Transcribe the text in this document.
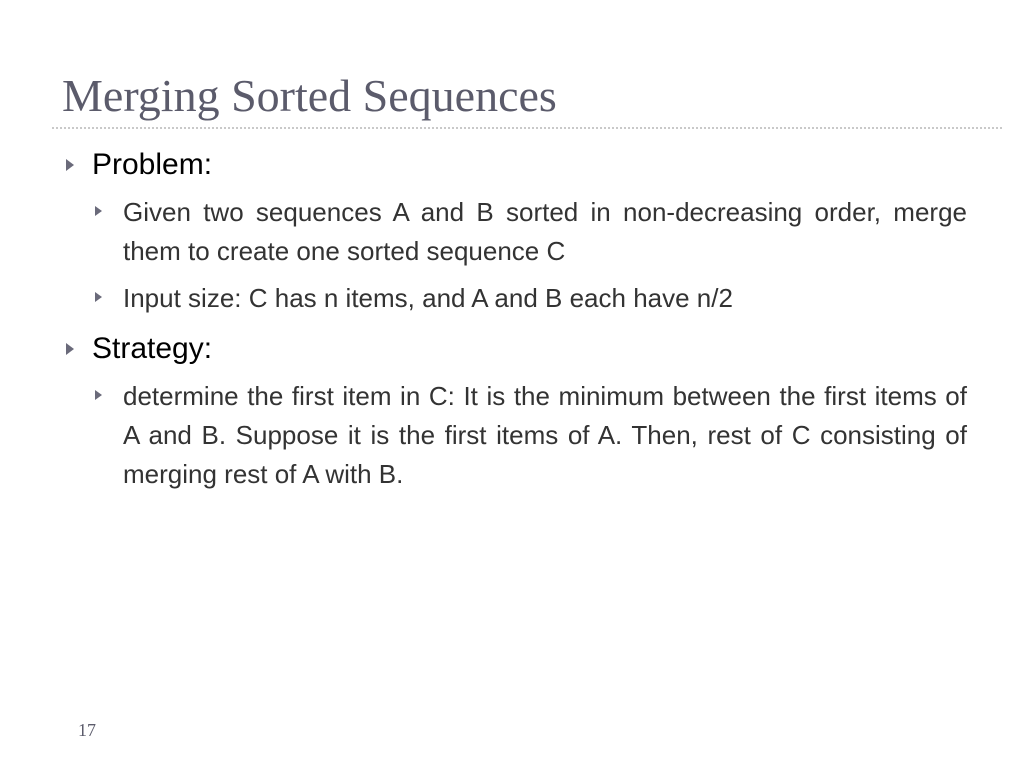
Merging Sorted Sequences
Problem:
Given two sequences A and B sorted in non-decreasing order, merge them to create one sorted sequence C
Input size: C has n items, and A and B each have n/2
Strategy:
determine the first item in C: It is the minimum between the first items of A and B. Suppose it is the first items of A. Then, rest of C consisting of merging rest of A with B.
17
